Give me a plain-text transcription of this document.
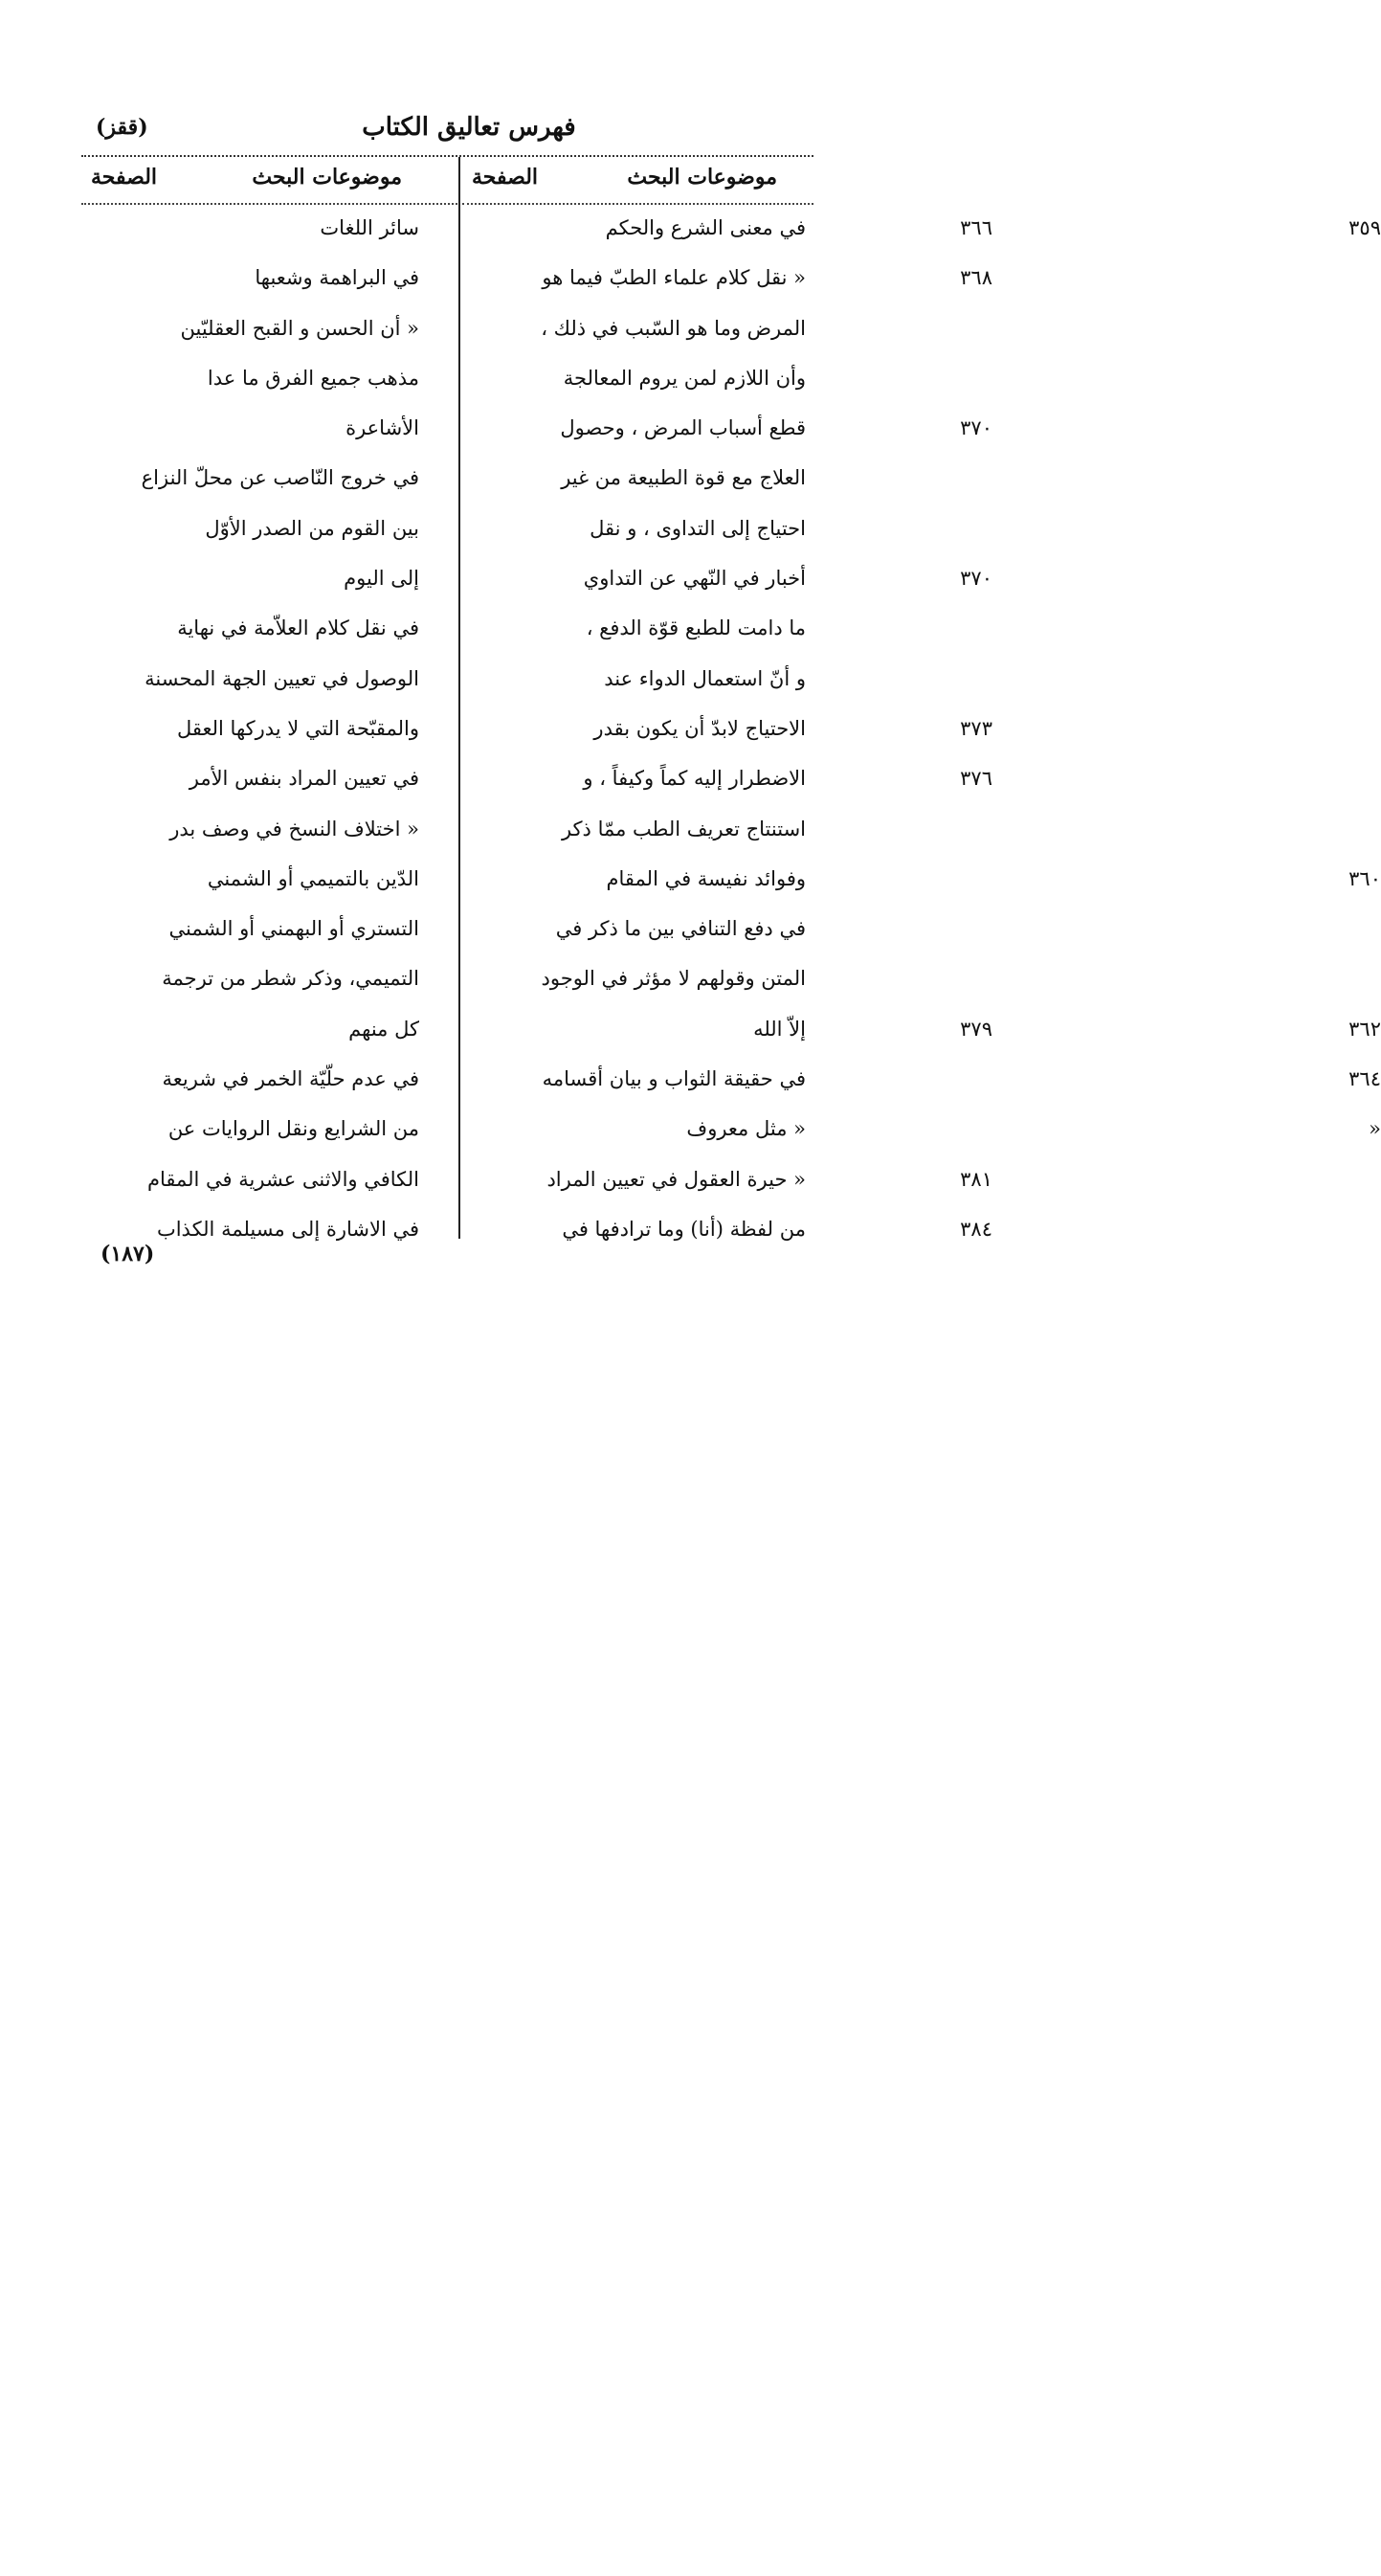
فهرس تعاليق الكتاب
(ققز)
موضوعات البحث
الصفحة
في معنى الشرع والحكم	٣٥٩
« نقل كلام علماء الطبّ فيما هو
المرض وما هو السّبب في ذلك ،
وأن اللازم لمن يروم المعالجة
قطع أسباب المرض ، وحصول
العلاج مع قوة الطبيعة من غير
احتياج إلى التداوى ، و نقل
أخبار في النّهي عن التداوي
ما دامت للطبع قوّة الدفع ،
و أنّ استعمال الدواء عند
الاحتياج لابدّ أن يكون بقدر
الاضطرار إليه كماً وكيفاً ، و
استنتاج تعريف الطب ممّا ذكر
وفوائد نفيسة في المقام	٣٦٠
في دفع التنافي بين ما ذكر في
المتن وقولهم لا مؤثر في الوجود
إلاّ الله	٣٦٢
في حقيقة الثواب و بيان أقسامه	٣٦٤
« مثل معروف	«
« حيرة العقول في تعيين المراد
من لفظة (أنا) وما ترادفها في
موضوعات البحث
الصفحة
سائر اللغات	٣٦٦
في البراهمة وشعبها	٣٦٨
« أن الحسن و القبح العقليّين
مذهب جميع الفرق ما عدا
الأشاعرة	٣٧٠
في خروج النّاصب عن محلّ النزاع
بين القوم من الصدر الأوّل
إلى اليوم	٣٧٠
في نقل كلام العلاّمة في نهاية
الوصول في تعيين الجهة المحسنة
والمقبّحة التي لا يدركها العقل	٣٧٣
في تعيين المراد بنفس الأمر	٣٧٦
« اختلاف النسخ في وصف بدر
الدّين بالتميمي أو الشمني
التستري أو البهمني أو الشمني
التميمي، وذكر شطر من ترجمة
كل منهم	٣٧٩
في عدم حلّيّة الخمر في شريعة
من الشرايع ونقل الروايات عن
الكافي والاثنى عشرية في المقام	٣٨١
في الاشارة إلى مسيلمة الكذاب	٣٨٤
(١٨٧)
